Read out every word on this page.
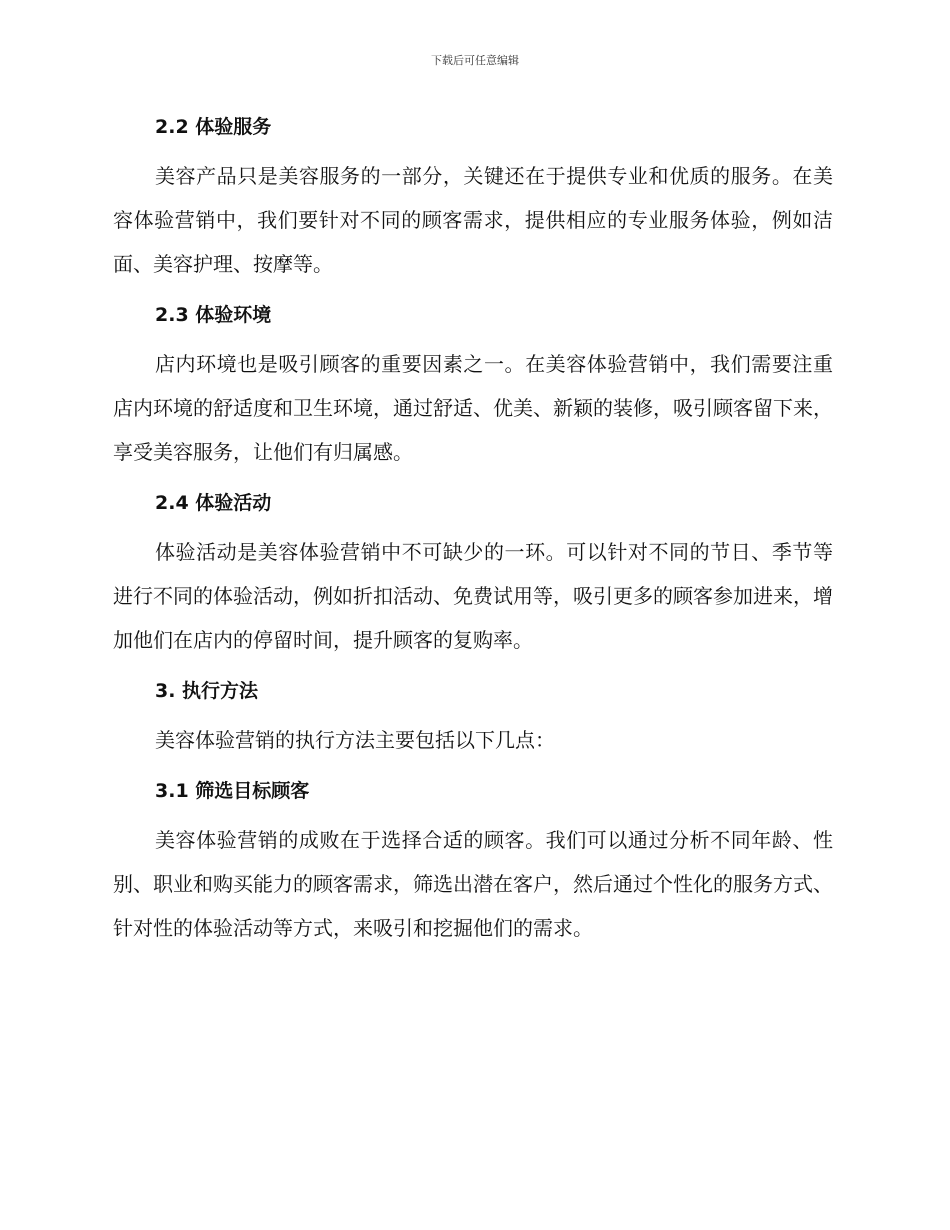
下载后可任意编辑
2.2 体验服务

美容产品只是美容服务的一部分，关键还在于提供专业和优质的服务。在美容体验营销中，我们要针对不同的顾客需求，提供相应的专业服务体验，例如洁面、美容护理、按摩等。

2.3 体验环境

店内环境也是吸引顾客的重要因素之一。在美容体验营销中，我们需要注重店内环境的舒适度和卫生环境，通过舒适、优美、新颖的装修，吸引顾客留下来，享受美容服务，让他们有归属感。

2.4 体验活动

体验活动是美容体验营销中不可缺少的一环。可以针对不同的节日、季节等进行不同的体验活动，例如折扣活动、免费试用等，吸引更多的顾客参加进来，增加他们在店内的停留时间，提升顾客的复购率。

3. 执行方法

美容体验营销的执行方法主要包括以下几点：

3.1 筛选目标顾客

美容体验营销的成败在于选择合适的顾客。我们可以通过分析不同年龄、性别、职业和购买能力的顾客需求，筛选出潜在客户，然后通过个性化的服务方式、针对性的体验活动等方式，来吸引和挖掘他们的需求。
